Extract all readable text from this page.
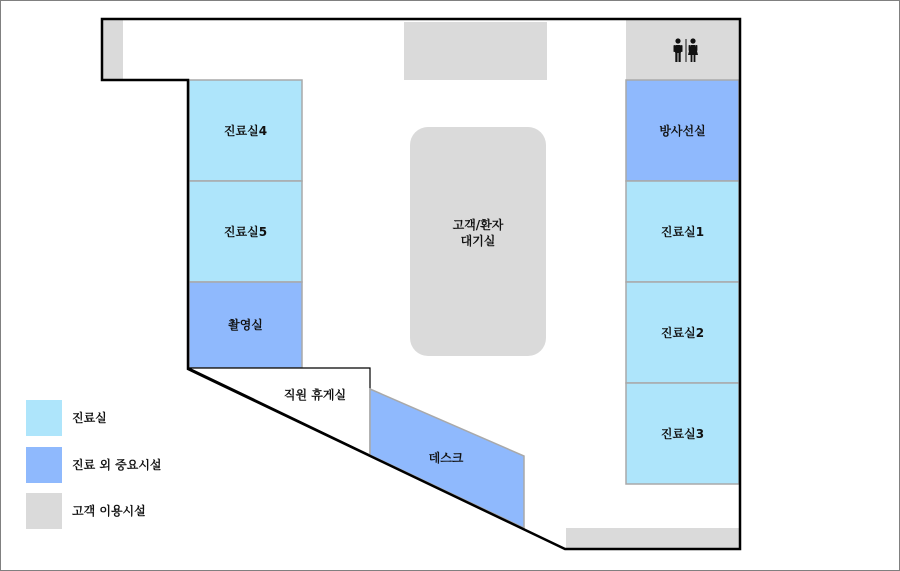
진료실4
진료실5
촬영실
직원 휴게실
데스크
고객/환자
대기실
방사선실
진료실1
진료실2
진료실3
진료실
진료 외 중요시설
고객 이용시설
